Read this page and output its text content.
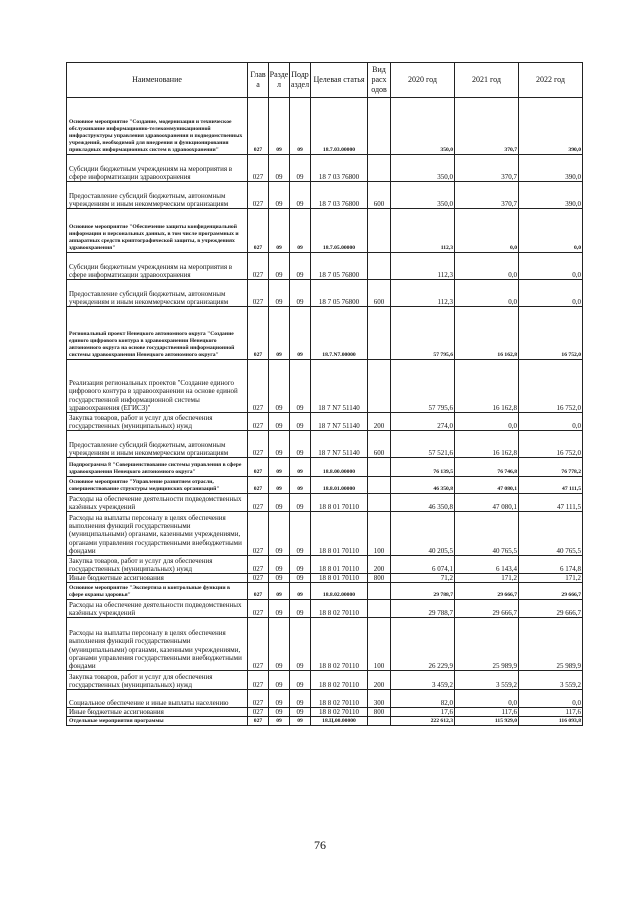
Наименование	Глав а	Разде л	Подр аздел	Целевая статья	Вид расх одов	2020 год	2021 год	2022 год
Основное мероприятие "Создание, модернизация и техническое обслуживание информационно-телекоммуникационной инфраструктуры управления здравоохранения и подведомственных учреждений, необходимой для внедрения и функционирования прикладных информационных систем в здравоохранении"	027	09	09	18.7.03.00000		350,0	370,7	390,0
Субсидии бюджетным учреждениям на мероприятия в сфере информатизации здравоохранения	027	09	09	18 7 03 76800		350,0	370,7	390,0
Предоставление субсидий бюджетным, автономным учреждениям и иным некоммерческим организациям	027	09	09	18 7 03 76800	600	350,0	370,7	390,0
Основное мероприятие "Обеспечение защиты конфиденциальной информации и персональных данных, в том числе программных и аппаратных средств криптографической защиты, в учреждениях здравоохранения"	027	09	09	18.7.05.00000		112,3	0,0	0,0
Субсидии бюджетным учреждениям на мероприятия в сфере информатизации здравоохранения	027	09	09	18 7 05 76800		112,3	0,0	0,0
Предоставление субсидий бюджетным, автономным учреждениям и иным некоммерческим организациям	027	09	09	18 7 05 76800	600	112,3	0,0	0,0
Региональный проект Ненецкого автономного округа "Создание единого цифрового контура в здравоохранении Ненецкого автономного округа на основе государственной информационной системы здравоохранения Ненецкого автономного округа"	027	09	09	18.7.N7.00000		57 795,6	16 162,8	16 752,0
Реализация региональных проектов "Создание единого цифрового контура в здравоохранении на основе единой государственной информационной системы здравоохранения (ЕГИСЗ)"	027	09	09	18 7 N7 51140		57 795,6	16 162,8	16 752,0
Закупка товаров, работ и услуг для обеспечения государственных (муниципальных) нужд	027	09	09	18 7 N7 51140	200	274,0	0,0	0,0
Предоставление субсидий бюджетным, автономным учреждениям и иным некоммерческим организациям	027	09	09	18 7 N7 51140	600	57 521,6	16 162,8	16 752,0
Подпрограмма 8 "Совершенствование системы управления в сфере здравоохранения Ненецкого автономного округа"	027	09	09	18.8.00.00000		76 139,5	76 746,8	76 778,2
Основное мероприятие "Управление развитием отрасли, совершенствование структуры медицинских организаций"	027	09	09	18.8.01.00000		46 350,8	47 080,1	47 111,5
Расходы на обеспечение деятельности подведомственных казённых учреждений	027	09	09	18 8 01 70110		46 350,8	47 080,1	47 111,5
Расходы на выплаты персоналу в целях обеспечения выполнения функций государственными (муниципальными) органами, казенными учреждениями, органами управления государственными внебюджетными фондами	027	09	09	18 8 01 70110	100	40 205,5	40 765,5	40 765,5
Закупка товаров, работ и услуг для обеспечения государственных (муниципальных) нужд	027	09	09	18 8 01 70110	200	6 074,1	6 143,4	6 174,8
Иные бюджетные ассигнования	027	09	09	18 8 01 70110	800	71,2	171,2	171,2
Основное мероприятие "Экспертиза и контрольные функции в сфере охраны здоровья"	027	09	09	18.8.02.00000		29 788,7	29 666,7	29 666,7
Расходы на обеспечение деятельности подведомственных казённых учреждений	027	09	09	18 8 02 70110		29 788,7	29 666,7	29 666,7
Расходы на выплаты персоналу в целях обеспечения выполнения функций государственными (муниципальными) органами, казенными учреждениями, органами управления государственными внебюджетными фондами	027	09	09	18 8 02 70110	100	26 229,9	25 989,9	25 989,9
Закупка товаров, работ и услуг для обеспечения государственных (муниципальных) нужд	027	09	09	18 8 02 70110	200	3 459,2	3 559,2	3 559,2
Социальное обеспечение и иные выплаты населению	027	09	09	18 8 02 70110	300	82,0	0,0	0,0
Иные бюджетные ассигнования	027	09	09	18 8 02 70110	800	17,6	117,6	117,6
Отдельные мероприятия программы	027	09	09	18.Ц.00.00000		222 612,3	115 929,0	116 093,8
76
